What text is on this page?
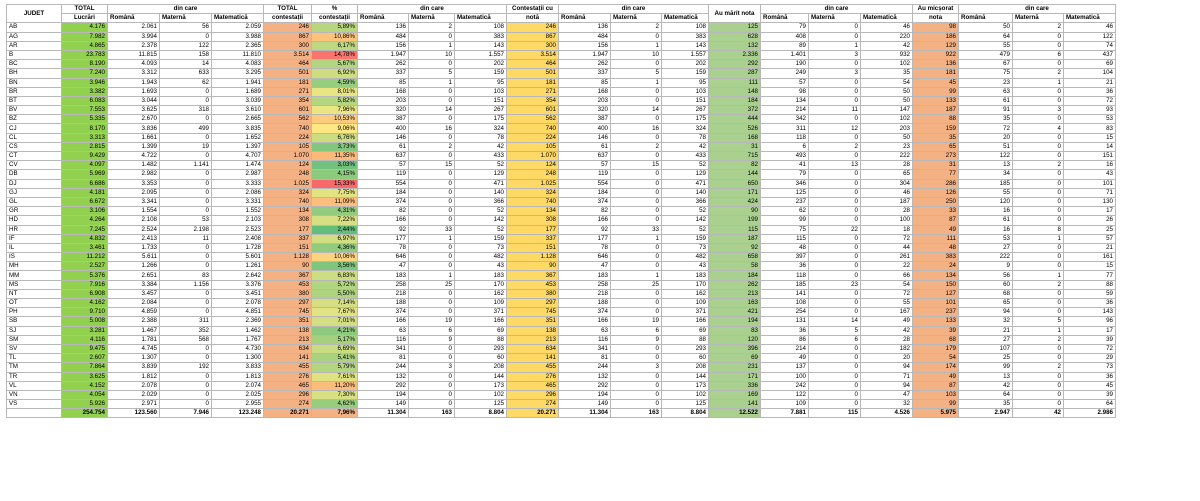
JUDET	TOTAL	din care			TOTAL	%	din care			Contestații cu	din care			Au mărit nota	din care			Au micșorat	din care		
	Lucrări	Română	Maternă	Matematică	contestații	contestații	Română	Maternă	Matematică	notă	Română	Maternă	Matematică		Română	Maternă	Matematică	nota	Română	Maternă	Matematică
AB	4.176	2.061	56	2.059	246	5,89%	136	2	108	246	136	2	108	125	79	0	46	98	50	2	46
AG	7.982	3.994	0	3.988	867	10,86%	484	0	383	867	484	0	383	628	408	0	220	186	64	0	122
AR	4.865	2.378	122	2.365	300	6,17%	156	1	143	300	156	1	143	132	89	1	42	129	55	0	74
B	23.783	11.815	158	11.810	3.514	14,78%	1.947	10	1.557	3.514	1.947	10	1.557	2.336	1.401	3	932	922	479	6	437
BC	8.190	4.093	14	4.083	464	5,67%	262	0	202	464	262	0	202	292	190	0	102	136	67	0	69
BH	7.240	3.312	633	3.295	501	6,92%	337	5	159	501	337	5	159	287	249	3	35	181	75	2	104
BN	3.946	1.943	62	1.941	181	4,59%	85	1	95	181	85	1	95	111	57	0	54	45	23	1	21
BR	3.382	1.693	0	1.689	271	8,01%	168	0	103	271	168	0	103	148	98	0	50	99	63	0	36
BT	6.083	3.044	0	3.039	354	5,82%	203	0	151	354	203	0	151	184	134	0	50	133	61	0	72
BV	7.553	3.625	318	3.610	601	7,96%	320	14	267	601	320	14	267	372	214	11	147	187	91	3	93
BZ	5.335	2.670	0	2.665	562	10,53%	387	0	175	562	387	0	175	444	342	0	102	88	35	0	53
CJ	8.170	3.836	499	3.835	740	9,06%	400	16	324	740	400	16	324	526	311	12	203	159	72	4	83
CL	3.313	1.661	0	1.652	224	6,76%	146	0	78	224	146	0	78	168	118	0	50	35	20	0	15
CS	2.815	1.399	19	1.397	105	3,73%	61	2	42	105	61	2	42	31	6	2	23	65	51	0	14
CT	9.429	4.722	0	4.707	1.070	11,35%	637	0	433	1.070	637	0	433	715	493	0	222	273	122	0	151
CV	4.097	1.482	1.141	1.474	124	3,03%	57	15	52	124	57	15	52	82	41	13	28	31	13	2	16
DB	5.969	2.982	0	2.987	248	4,15%	119	0	129	248	119	0	129	144	79	0	65	77	34	0	43
DJ	6.686	3.353	0	3.333	1.025	15,33%	554	0	471	1.025	554	0	471	650	346	0	304	286	185	0	101
GJ	4.181	2.095	0	2.086	324	7,75%	184	0	140	324	184	0	140	171	125	0	46	126	55	0	71
GL	6.672	3.341	0	3.331	740	11,09%	374	0	366	740	374	0	366	424	237	0	187	250	120	0	130
GR	3.106	1.554	0	1.552	134	4,31%	82	0	52	134	82	0	52	90	62	0	28	33	16	0	17
HD	4.264	2.108	53	2.103	308	7,22%	166	0	142	308	166	0	142	199	99	0	100	87	61	0	26
HR	7.245	2.524	2.198	2.523	177	2,44%	92	33	52	177	92	33	52	115	75	22	18	49	16	8	25
IF	4.832	2.413	11	2.408	337	6,97%	177	1	159	337	177	1	159	187	115	0	72	111	53	1	57
IL	3.461	1.733	0	1.728	151	4,36%	78	0	73	151	78	0	73	92	48	0	44	48	27	0	21
IS	11.212	5.611	0	5.601	1.128	10,06%	646	0	482	1.128	646	0	482	658	397	0	261	383	222	0	161
MH	2.527	1.266	0	1.261	90	3,56%	47	0	43	90	47	0	43	58	36	0	22	24	9	0	15
MM	5.376	2.651	83	2.642	367	6,83%	183	1	183	367	183	1	183	184	118	0	66	134	56	1	77
MS	7.916	3.384	1.156	3.376	453	5,72%	258	25	170	453	258	25	170	262	185	23	54	150	60	2	88
NT	6.908	3.457	0	3.451	380	5,50%	218	0	162	380	218	0	162	213	141	0	72	127	68	0	59
OT	4.162	2.084	0	2.078	297	7,14%	188	0	109	297	188	0	109	163	108	0	55	101	65	0	36
PH	9.710	4.859	0	4.851	745	7,67%	374	0	371	745	374	0	371	421	254	0	167	237	94	0	143
SB	5.008	2.388	311	2.369	351	7,01%	166	19	166	351	166	19	166	194	131	14	49	133	32	5	96
SJ	3.281	1.467	352	1.462	138	4,21%	63	6	69	138	63	6	69	83	36	5	42	39	21	1	17
SM	4.116	1.781	568	1.767	213	5,17%	116	9	88	213	116	9	88	120	86	6	28	68	27	2	39
SV	9.475	4.745	0	4.730	634	6,69%	341	0	293	634	341	0	293	396	214	0	182	179	107	0	72
TL	2.607	1.307	0	1.300	141	5,41%	81	0	60	141	81	0	60	69	49	0	20	54	25	0	29
TM	7.864	3.839	192	3.833	455	5,79%	244	3	208	455	244	3	208	231	137	0	94	174	99	2	73
TR	3.625	1.812	0	1.813	276	7,61%	132	0	144	276	132	0	144	171	100	0	71	49	13	0	36
VL	4.152	2.078	0	2.074	465	11,20%	292	0	173	465	292	0	173	336	242	0	94	87	42	0	45
VN	4.054	2.029	0	2.025	296	7,30%	194	0	102	296	194	0	102	169	122	0	47	103	64	0	39
VS	5.926	2.971	0	2.955	274	4,62%	149	0	125	274	149	0	125	141	109	0	32	99	35	0	64
	254.754	123.560	7.946	123.248	20.271	7,96%	11.304	163	8.804	20.271	11.304	163	8.804	12.522	7.881	115	4.526	5.975	2.947	42	2.986
